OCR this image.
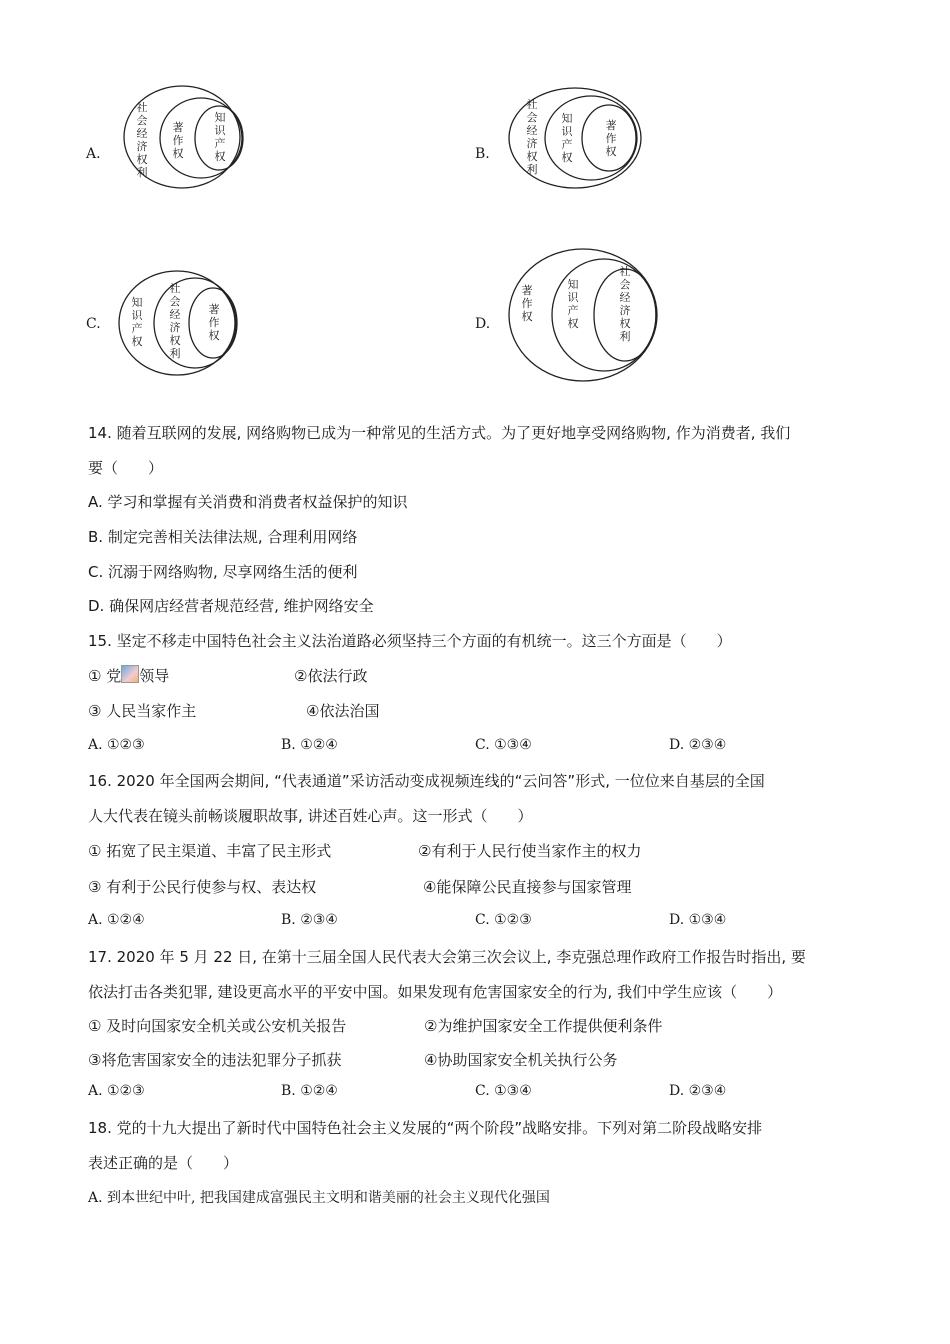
A.
社会经济权利
著作权
知识产权	B.
社会经济权利
知识产权
著作权
C.
知识产权
社会经济权利
著作权
D.
著作权
知识产权
社会经济权利
14. 随着互联网的发展, 网络购物已成为一种常见的生活方式。为了更好地享受网络购物, 作为消费者, 我们
要（　　）
A. 学习和掌握有关消费和消费者权益保护的知识
B. 制定完善相关法律法规, 合理利用网络
C. 沉溺于网络购物, 尽享网络生活的便利
D. 确保网店经营者规范经营, 维护网络安全
15. 坚定不移走中国特色社会主义法治道路必须坚持三个方面的有机统一。这三个方面是（　　）
① 党 领导	②依法行政
③ 人民当家作主	④依法治国
A. ①②③	B. ①②④	C. ①③④	D. ②③④
16. 2020 年全国两会期间, “代表通道”采访活动变成视频连线的“云问答”形式, 一位位来自基层的全国
人大代表在镜头前畅谈履职故事, 讲述百姓心声。这一形式（　　）
① 拓宽了民主渠道、丰富了民主形式	②有利于人民行使当家作主的权力
③ 有利于公民行使参与权、表达权	④能保障公民直接参与国家管理
A. ①②④	B. ②③④	C. ①②③	D. ①③④
17. 2020 年 5 月 22 日, 在第十三届全国人民代表大会第三次会议上, 李克强总理作政府工作报告时指出, 要
依法打击各类犯罪, 建设更高水平的平安中国。如果发现有危害国家安全的行为, 我们中学生应该（　　）
① 及时向国家安全机关或公安机关报告	②为维护国家安全工作提供便利条件
③将危害国家安全的违法犯罪分子抓获	④协助国家安全机关执行公务
A. ①②③	B. ①②④	C. ①③④	D. ②③④
18. 党的十九大提出了新时代中国特色社会主义发展的“两个阶段”战略安排。下列对第二阶段战略安排
表述正确的是（　　）
A. 到本世纪中叶, 把我国建成富强民主文明和谐美丽的社会主义现代化强国
